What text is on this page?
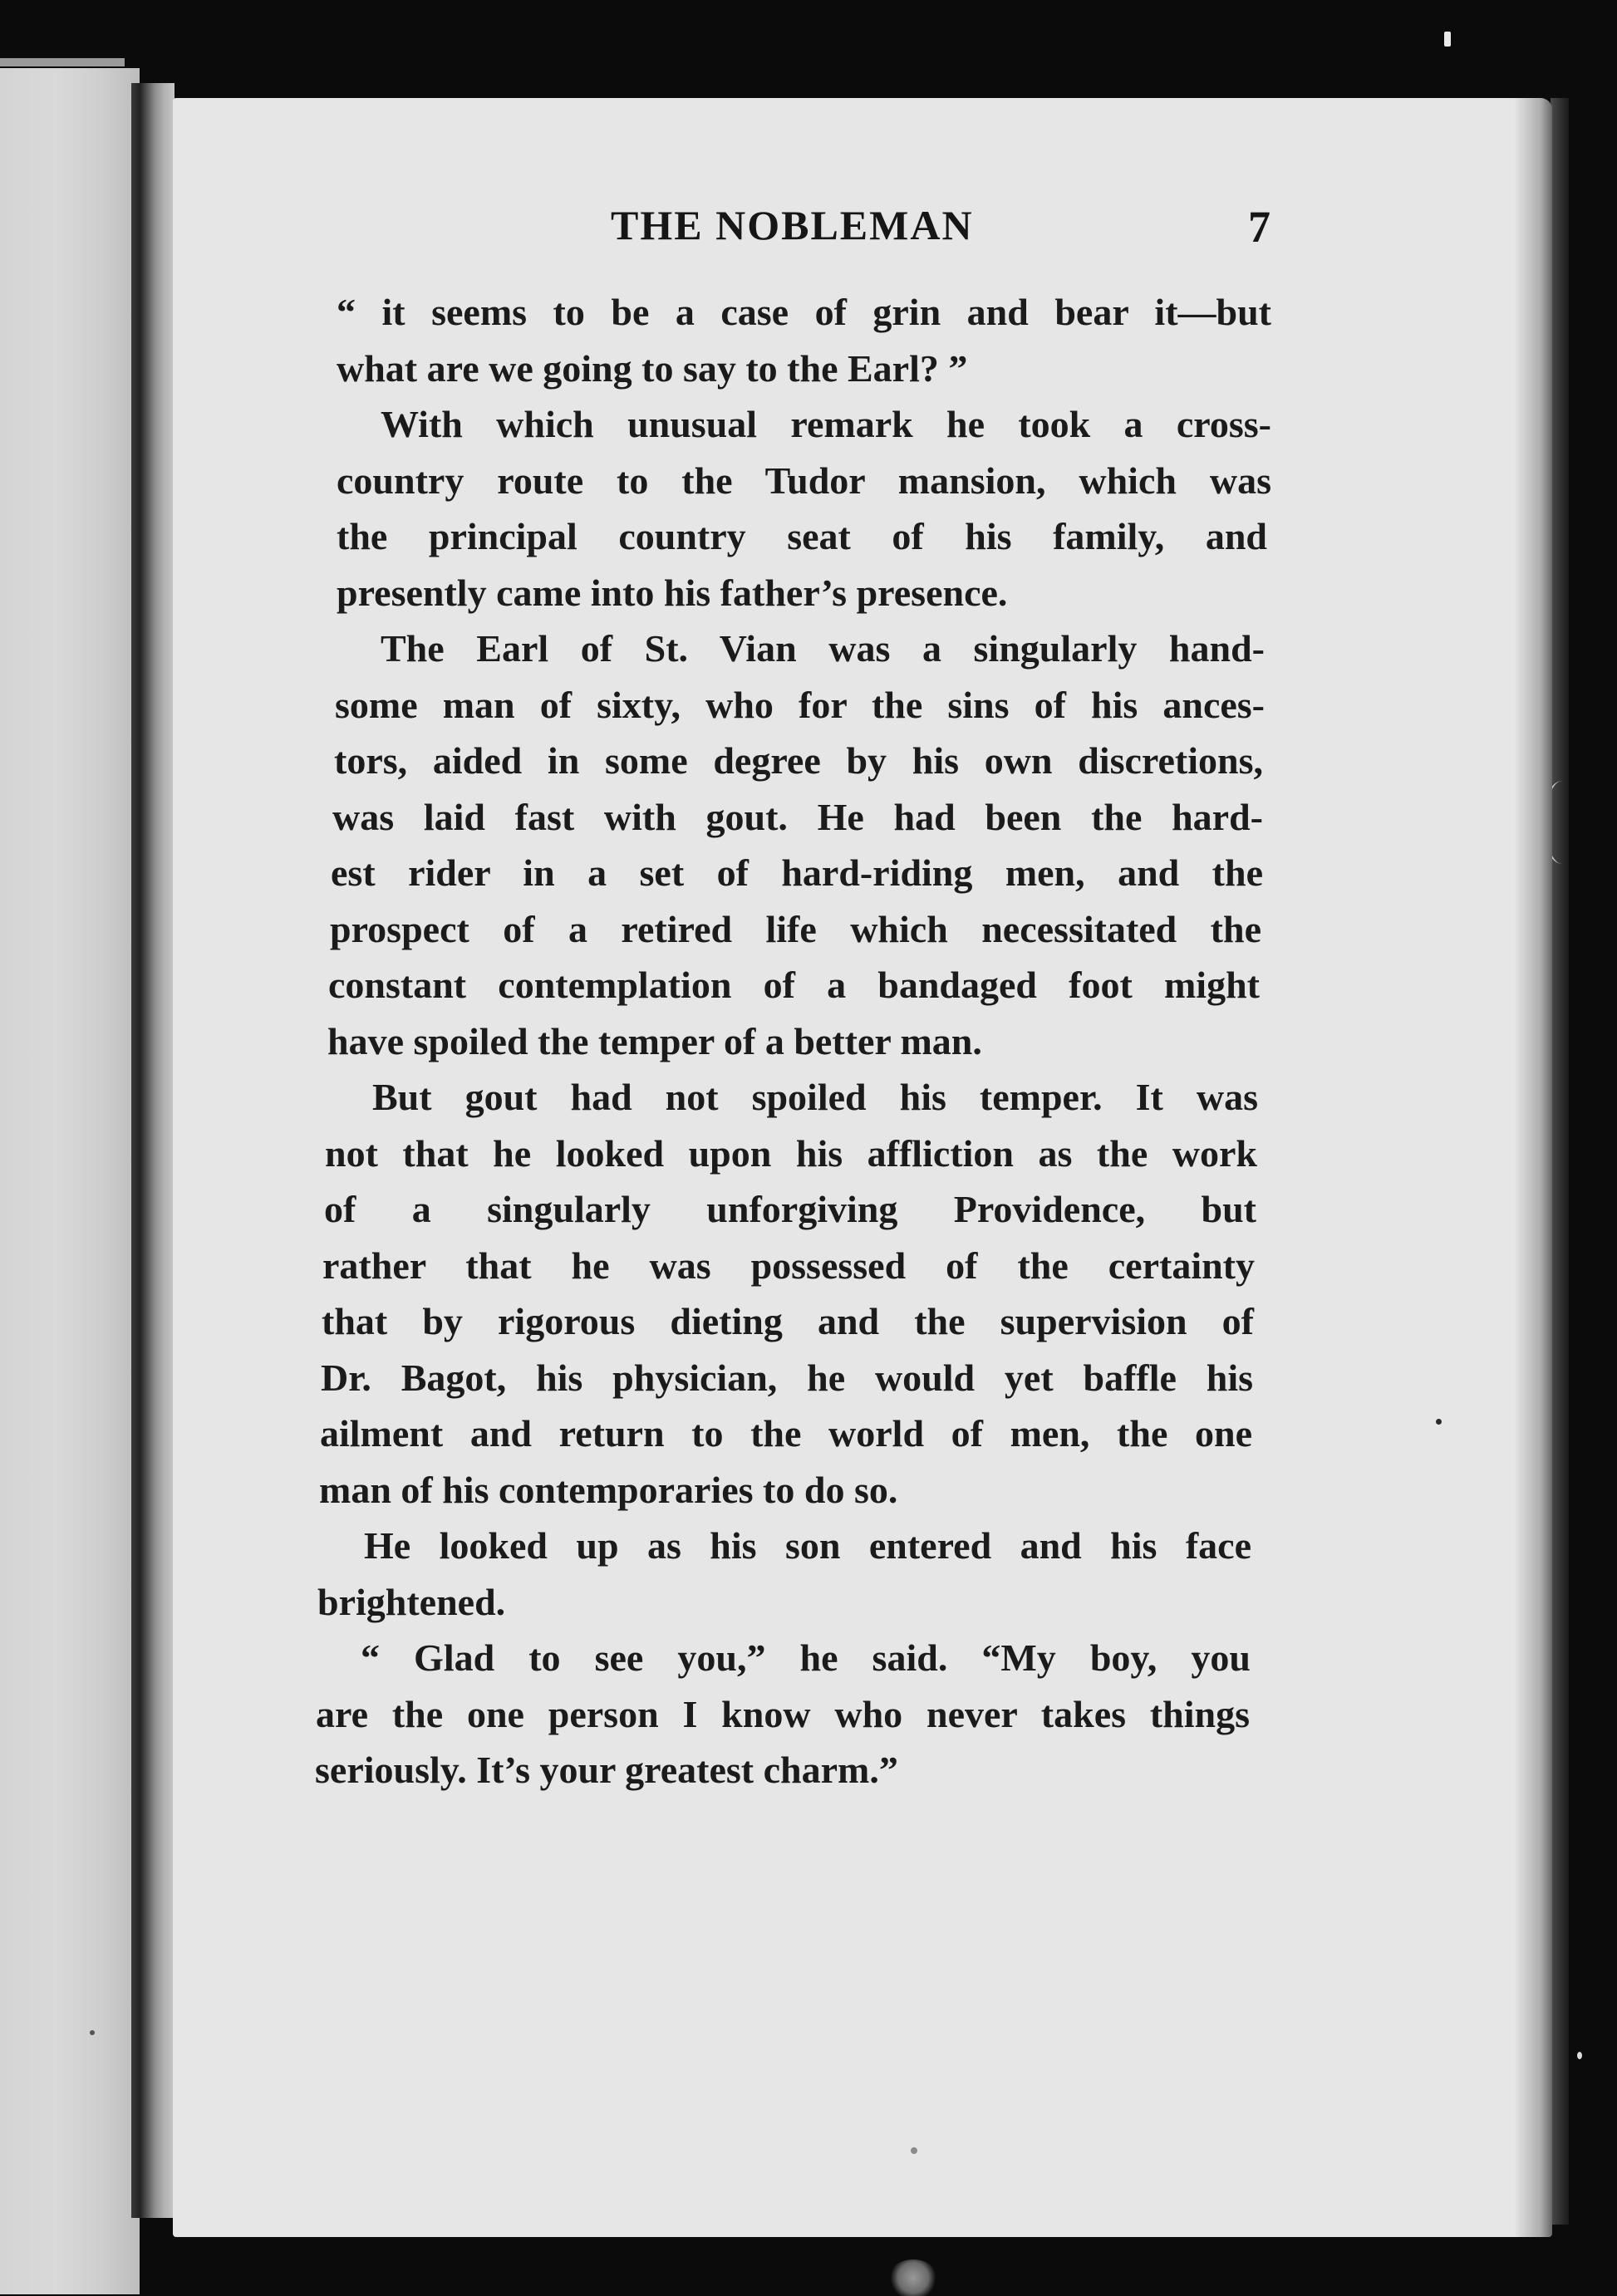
THE NOBLEMAN	7
“ it seems to be a case of grin and bear it—but
what are we going to say to the Earl? ”
With which unusual remark he took a cross-
country route to the Tudor mansion, which was
the principal country seat of his family, and
presently came into his father’s presence.
The Earl of St. Vian was a singularly hand-
some man of sixty, who for the sins of his ances-
tors, aided in some degree by his own discretions,
was laid fast with gout. He had been the hard-
est rider in a set of hard-riding men, and the
prospect of a retired life which necessitated the
constant contemplation of a bandaged foot might
have spoiled the temper of a better man.
But gout had not spoiled his temper. It was
not that he looked upon his affliction as the work
of a singularly unforgiving Providence, but
rather that he was possessed of the certainty
that by rigorous dieting and the supervision of
Dr. Bagot, his physician, he would yet baffle his
ailment and return to the world of men, the one
man of his contemporaries to do so.
He looked up as his son entered and his face
brightened.
“ Glad to see you,” he said. “My boy, you
are the one person I know who never takes things
seriously. It’s your greatest charm.”
